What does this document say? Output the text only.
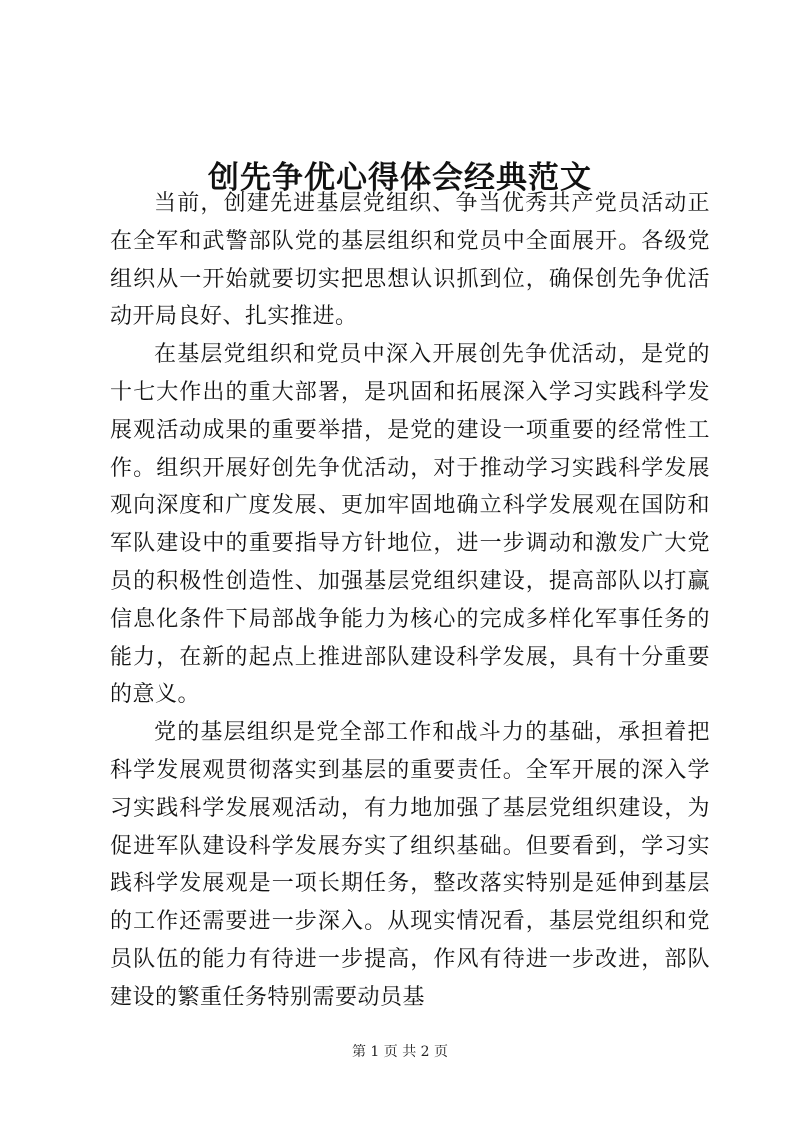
创先争优心得体会经典范文

当前，创建先进基层党组织、争当优秀共产党员活动正在全军和武警部队党的基层组织和党员中全面展开。各级党组织从一开始就要切实把思想认识抓到位，确保创先争优活动开局良好、扎实推进。

在基层党组织和党员中深入开展创先争优活动，是党的十七大作出的重大部署，是巩固和拓展深入学习实践科学发展观活动成果的重要举措，是党的建设一项重要的经常性工作。组织开展好创先争优活动，对于推动学习实践科学发展观向深度和广度发展、更加牢固地确立科学发展观在国防和军队建设中的重要指导方针地位，进一步调动和激发广大党员的积极性创造性、加强基层党组织建设，提高部队以打赢信息化条件下局部战争能力为核心的完成多样化军事任务的能力，在新的起点上推进部队建设科学发展，具有十分重要的意义。

党的基层组织是党全部工作和战斗力的基础，承担着把科学发展观贯彻落实到基层的重要责任。全军开展的深入学习实践科学发展观活动，有力地加强了基层党组织建设，为促进军队建设科学发展夯实了组织基础。但要看到，学习实践科学发展观是一项长期任务，整改落实特别是延伸到基层的工作还需要进一步深入。从现实情况看，基层党组织和党员队伍的能力有待进一步提高，作风有待进一步改进，部队建设的繁重任务特别需要动员基

第 1 页 共 2 页
